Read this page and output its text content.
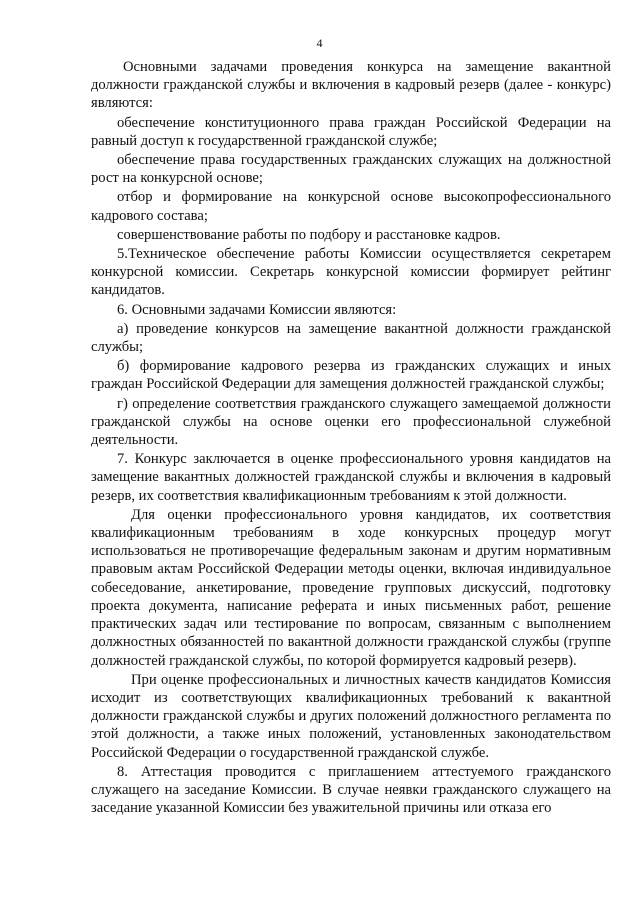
4

Основными задачами проведения конкурса на замещение вакантной должности гражданской службы и включения в кадровый резерв (далее - конкурс) являются:

обеспечение конституционного права граждан Российской Федерации на равный доступ к государственной гражданской службе;

обеспечение права государственных гражданских служащих на должностной рост на конкурсной основе;

отбор и формирование на конкурсной основе высокопрофессионального кадрового состава;

совершенствование работы по подбору и расстановке кадров.

5.Техническое обеспечение работы Комиссии осуществляется секретарем конкурсной комиссии. Секретарь конкурсной комиссии формирует рейтинг кандидатов.

6. Основными задачами Комиссии являются:

а) проведение конкурсов на замещение вакантной должности гражданской службы;

б) формирование кадрового резерва из гражданских служащих и иных граждан Российской Федерации для замещения должностей гражданской службы;

г) определение соответствия гражданского служащего замещаемой должности гражданской службы на основе оценки его профессиональной служебной деятельности.

7. Конкурс заключается в оценке профессионального уровня кандидатов на замещение вакантных должностей гражданской службы и включения в кадровый резерв, их соответствия квалификационным требованиям к этой должности.

Для оценки профессионального уровня кандидатов, их соответствия квалификационным требованиям в ходе конкурсных процедур могут использоваться не противоречащие федеральным законам и другим нормативным правовым актам Российской Федерации методы оценки, включая индивидуальное собеседование, анкетирование, проведение групповых дискуссий, подготовку проекта документа, написание реферата и иных письменных работ, решение практических задач или тестирование по вопросам, связанным с выполнением должностных обязанностей по вакантной должности гражданской службы (группе должностей гражданской службы, по которой формируется кадровый резерв).

При оценке профессиональных и личностных качеств кандидатов Комиссия исходит из соответствующих квалификационных требований к вакантной должности гражданской службы и других положений должностного регламента по этой должности, а также иных положений, установленных законодательством Российской Федерации о государственной гражданской службе.

8. Аттестация проводится с приглашением аттестуемого гражданского служащего на заседание Комиссии. В случае неявки гражданского служащего на заседание указанной Комиссии без уважительной причины или отказа его
